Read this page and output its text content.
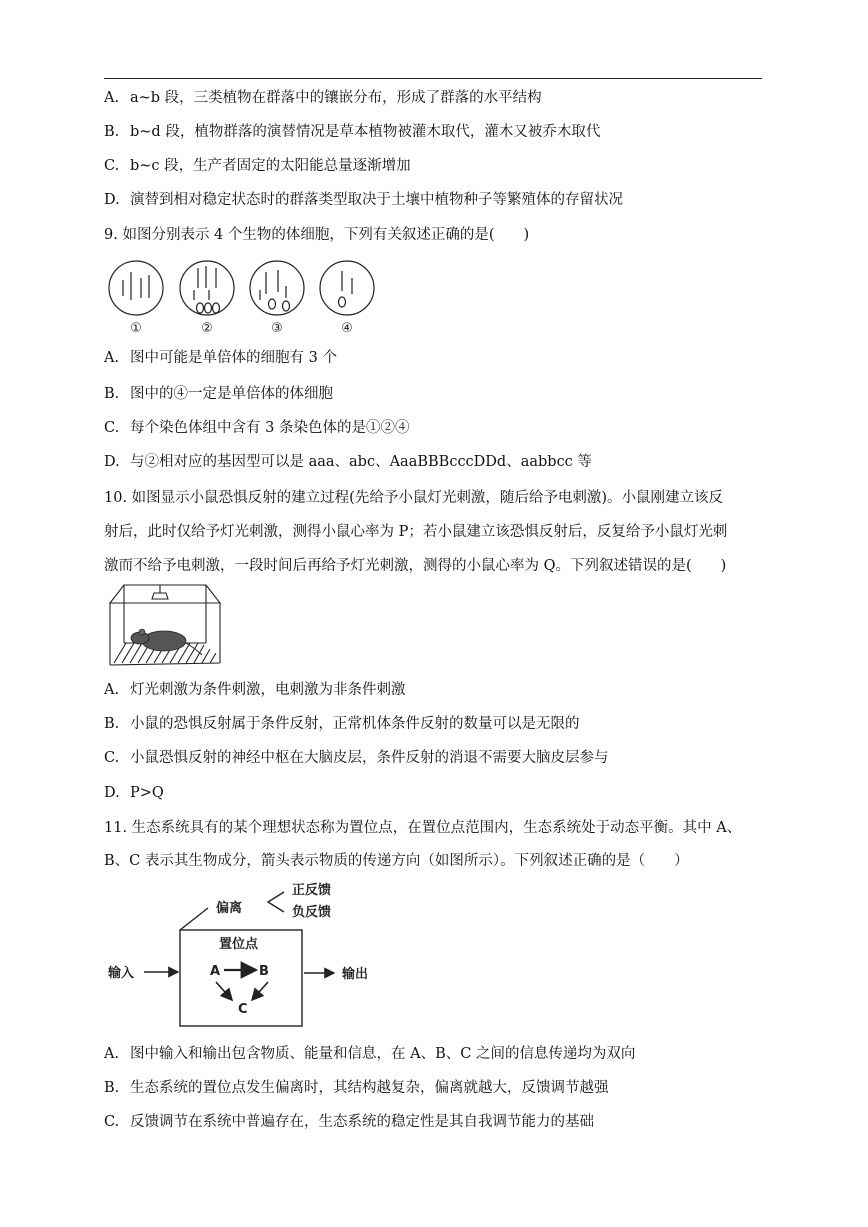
A. a~b 段，三类植物在群落中的镶嵌分布，形成了群落的水平结构
B. b~d 段，植物群落的演替情况是草本植物被灌木取代，灌木又被乔木取代
C. b~c 段，生产者固定的太阳能总量逐渐增加
D. 演替到相对稳定状态时的群落类型取决于土壤中植物种子等繁殖体的存留状况
9. 如图分别表示 4 个生物的体细胞，下列有关叙述正确的是(　　)
①	②	③	④
A. 图中可能是单倍体的细胞有 3 个
B. 图中的④一定是单倍体的体细胞
C. 每个染色体组中含有 3 条染色体的是①②④
D. 与②相对应的基因型可以是 aaa、abc、AaaBBBcccDDd、aabbcc 等
10. 如图显示小鼠恐惧反射的建立过程(先给予小鼠灯光刺激，随后给予电刺激)。小鼠刚建立该反
射后，此时仅给予灯光刺激，测得小鼠心率为 P；若小鼠建立该恐惧反射后，反复给予小鼠灯光刺
激而不给予电刺激，一段时间后再给予灯光刺激，测得的小鼠心率为 Q。下列叙述错误的是(　　)
A. 灯光刺激为条件刺激，电刺激为非条件刺激
B. 小鼠的恐惧反射属于条件反射，正常机体条件反射的数量可以是无限的
C. 小鼠恐惧反射的神经中枢在大脑皮层，条件反射的消退不需要大脑皮层参与
D. P>Q
11. 生态系统具有的某个理想状态称为置位点，在置位点范围内，生态系统处于动态平衡。其中 A、
B、C 表示其生物成分，箭头表示物质的传递方向（如图所示）。下列叙述正确的是（　　）
偏离
正反馈
负反馈
置位点
输入	输出
A	B
C
A. 图中输入和输出包含物质、能量和信息，在 A、B、C 之间的信息传递均为双向
B. 生态系统的置位点发生偏离时，其结构越复杂，偏离就越大，反馈调节越强
C. 反馈调节在系统中普遍存在，生态系统的稳定性是其自我调节能力的基础
